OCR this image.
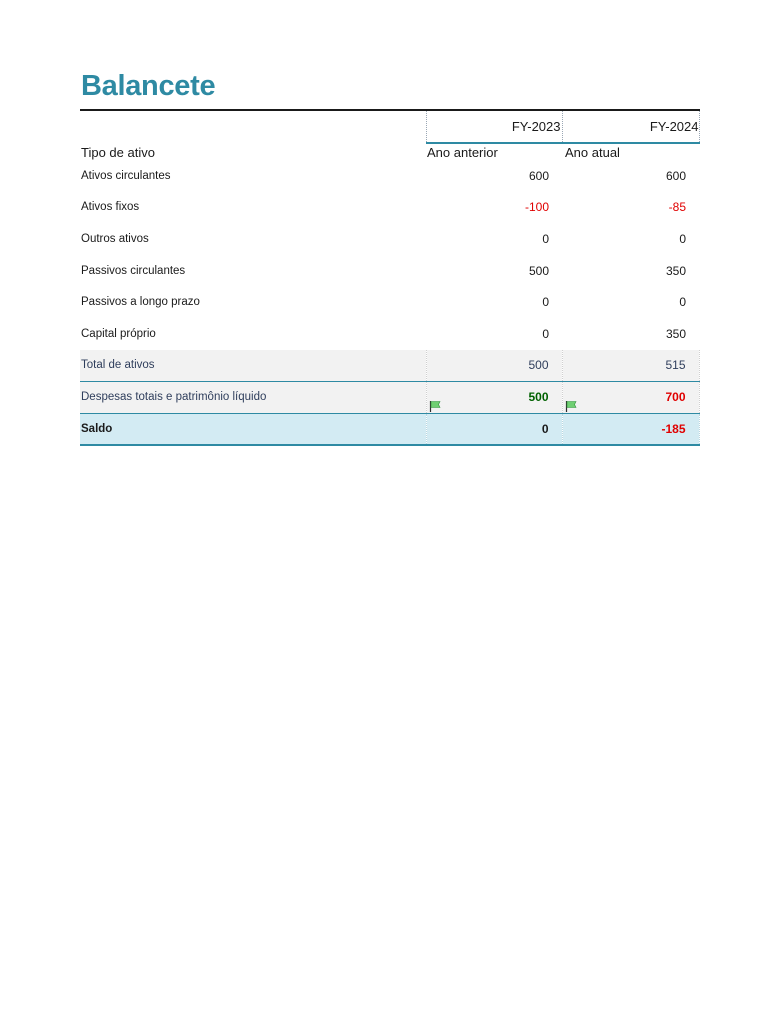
Balancete
	FY-2023	FY-2024
Tipo de ativo	Ano anterior	Ano atual
Ativos circulantes	600	600
Ativos fixos	-100	-85
Outros ativos	0	0
Passivos circulantes	500	350
Passivos a longo prazo	0	0
Capital próprio	0	350
Total de ativos	500	515
Despesas totais e patrimônio líquido	500	700
Saldo	0	-185
